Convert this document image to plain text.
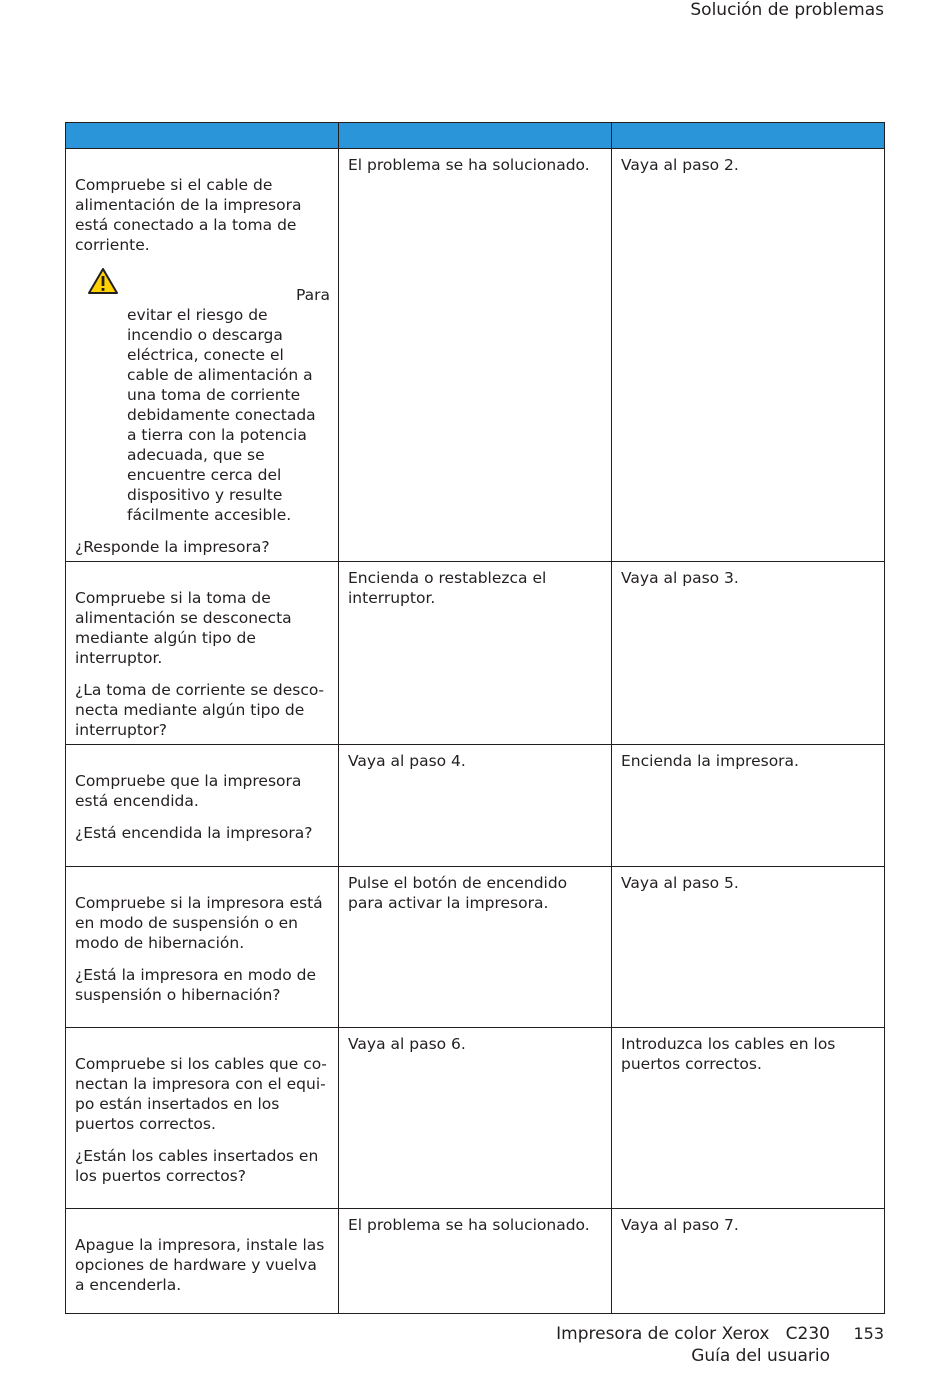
Solución de problemas

Compruebe si el cable de alimentación de la impresora está conectado a la toma de corriente.

Para
evitar el riesgo de incendio o descarga eléctrica, conecte el cable de alimentación a una toma de corriente debidamente conectada a tierra con la potencia adecuada, que se encuentre cerca del dispositivo y resulte fácilmente accesible.

¿Responde la impresora?	El problema se ha solucionado.	Vaya al paso 2.

Compruebe si la toma de alimentación se desconecta mediante algún tipo de interruptor.

¿La toma de corriente se desconecta mediante algún tipo de interruptor?	Encienda o restablezca el interruptor.	Vaya al paso 3.

Compruebe que la impresora está encendida.

¿Está encendida la impresora?	Vaya al paso 4.	Encienda la impresora.

Compruebe si la impresora está en modo de suspensión o en modo de hibernación.

¿Está la impresora en modo de suspensión o hibernación?	Pulse el botón de encendido para activar la impresora.	Vaya al paso 5.

Compruebe si los cables que conectan la impresora con el equipo están insertados en los puertos correctos.

¿Están los cables insertados en los puertos correctos?	Vaya al paso 6.	Introduzca los cables en los puertos correctos.

Apague la impresora, instale las opciones de hardware y vuelva a encenderla.	El problema se ha solucionado.	Vaya al paso 7.
Impresora de color Xerox   C230
Guía del usuario
153
